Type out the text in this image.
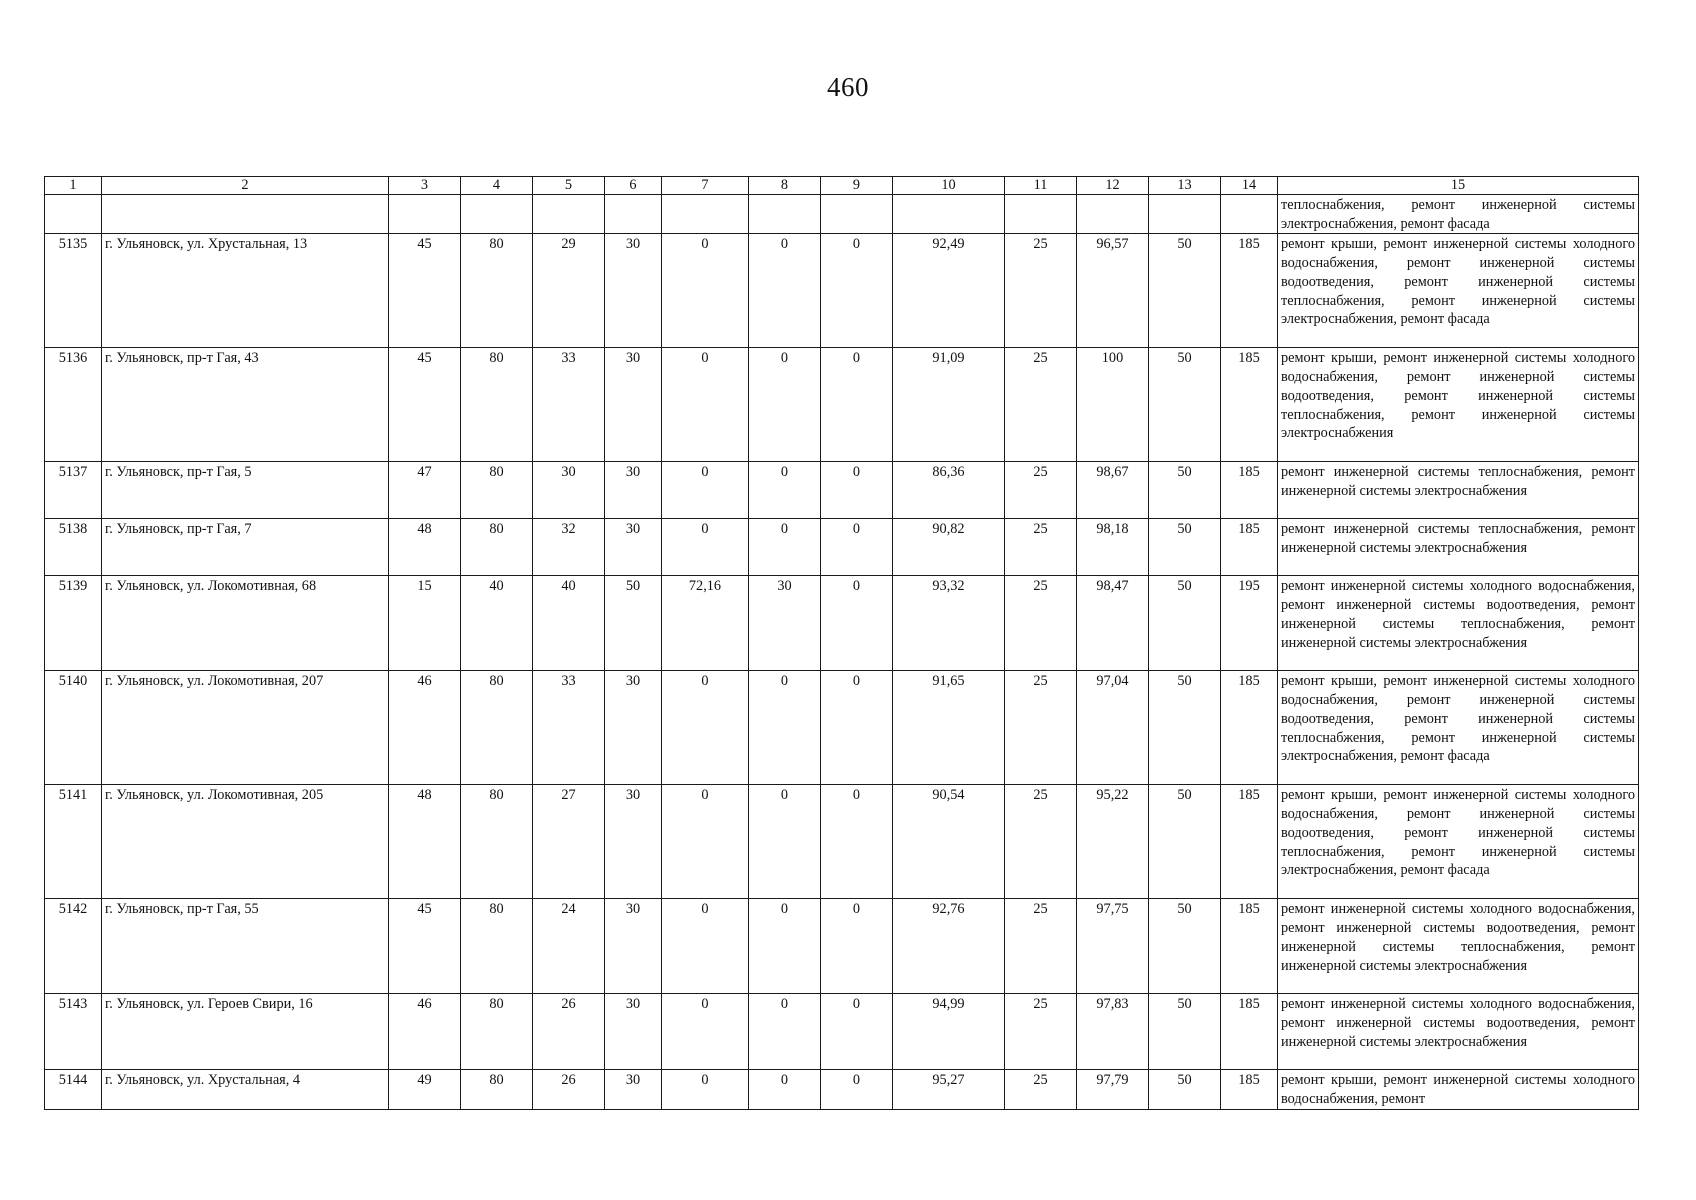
460
1	2	3	4	5	6	7	8	9	10	11	12	13	14	15
														теплоснабжения, ремонт инженерной системы электроснабжения, ремонт фасада
5135	г. Ульяновск, ул. Хрустальная, 13	45	80	29	30	0	0	0	92,49	25	96,57	50	185	ремонт крыши, ремонт инженерной системы холодного водоснабжения, ремонт инженерной системы водоотведения, ремонт инженерной системы теплоснабжения, ремонт инженерной системы электроснабжения, ремонт фасада
5136	г. Ульяновск, пр-т Гая, 43	45	80	33	30	0	0	0	91,09	25	100	50	185	ремонт крыши, ремонт инженерной системы холодного водоснабжения, ремонт инженерной системы водоотведения, ремонт инженерной системы теплоснабжения, ремонт инженерной системы электроснабжения
5137	г. Ульяновск, пр-т Гая, 5	47	80	30	30	0	0	0	86,36	25	98,67	50	185	ремонт инженерной системы теплоснабжения, ремонт инженерной системы электроснабжения
5138	г. Ульяновск, пр-т Гая, 7	48	80	32	30	0	0	0	90,82	25	98,18	50	185	ремонт инженерной системы теплоснабжения, ремонт инженерной системы электроснабжения
5139	г. Ульяновск, ул. Локомотивная, 68	15	40	40	50	72,16	30	0	93,32	25	98,47	50	195	ремонт инженерной системы холодного водоснабжения, ремонт инженерной системы водоотведения, ремонт инженерной системы теплоснабжения, ремонт инженерной системы электроснабжения
5140	г. Ульяновск, ул. Локомотивная, 207	46	80	33	30	0	0	0	91,65	25	97,04	50	185	ремонт крыши, ремонт инженерной системы холодного водоснабжения, ремонт инженерной системы водоотведения, ремонт инженерной системы теплоснабжения, ремонт инженерной системы электроснабжения, ремонт фасада
5141	г. Ульяновск, ул. Локомотивная, 205	48	80	27	30	0	0	0	90,54	25	95,22	50	185	ремонт крыши, ремонт инженерной системы холодного водоснабжения, ремонт инженерной системы водоотведения, ремонт инженерной системы теплоснабжения, ремонт инженерной системы электроснабжения, ремонт фасада
5142	г. Ульяновск, пр-т Гая, 55	45	80	24	30	0	0	0	92,76	25	97,75	50	185	ремонт инженерной системы холодного водоснабжения, ремонт инженерной системы водоотведения, ремонт инженерной системы теплоснабжения, ремонт инженерной системы электроснабжения
5143	г. Ульяновск, ул. Героев Свири, 16	46	80	26	30	0	0	0	94,99	25	97,83	50	185	ремонт инженерной системы холодного водоснабжения, ремонт инженерной системы водоотведения, ремонт инженерной системы электроснабжения
5144	г. Ульяновск, ул. Хрустальная, 4	49	80	26	30	0	0	0	95,27	25	97,79	50	185	ремонт крыши, ремонт инженерной системы холодного водоснабжения, ремонт
